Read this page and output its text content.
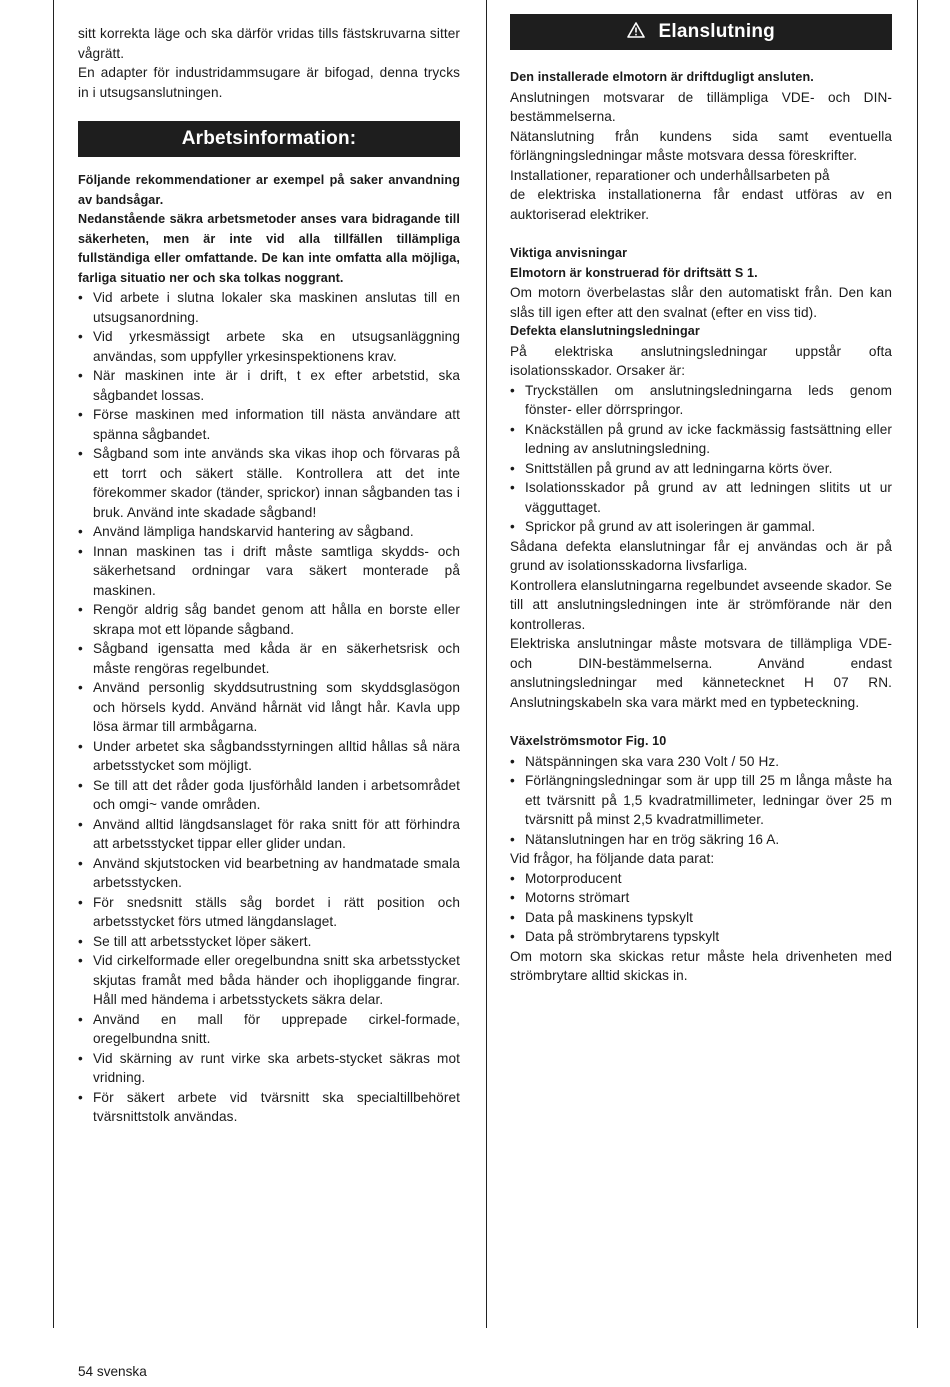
sitt korrekta läge och ska därför vridas tills fästskruvarna sitter vågrätt.

En adapter för industridammsugare är bifogad, denna trycks in i utsugsanslutningen.

Arbetsinformation:

Följande rekommendationer ar exempel på saker anvandning av bandsågar.

Nedanstående säkra arbetsmetoder anses vara bidragande till säkerheten, men är inte vid alla tillfällen tillämpliga fullständiga eller omfattande. De kan inte omfatta alla möjliga, farliga situatio ner och ska tolkas noggrant.

• Vid arbete i slutna lokaler ska maskinen anslutas till en utsugsanordning.
• Vid yrkesmässigt arbete ska en utsugsanläggning användas, som uppfyller yrkesinspektionens krav.
• När maskinen inte är i drift, t ex efter arbetstid, ska sågbandet lossas.
• Förse maskinen med information till nästa användare att spänna sågbandet.
• Sågband som inte används ska vikas ihop och förvaras på ett torrt och säkert ställe. Kontrollera att det inte förekommer skador (tänder, sprickor) innan sågbanden tas i bruk. Använd inte skadade sågband!
• Använd lämpliga handskarvid hantering av sågband.
• Innan maskinen tas i drift måste samtliga skydds- och säkerhetsand ordningar vara säkert monterade på maskinen.
• Rengör aldrig såg bandet genom att hålla en borste eller skrapa mot ett löpande sågband.
• Sågband igensatta med kåda är en säkerhetsrisk och måste rengöras regelbundet.
• Använd personlig skyddsutrustning som skyddsglasögon och hörsels kydd. Använd hårnät vid långt hår. Kavla upp lösa ärmar till armbågarna.
• Under arbetet ska sågbandsstyrningen alltid hållas så nära arbetsstycket som möjligt.
• Se till att det råder goda Ijusförhåld landen i arbetsområdet och omgi~ vande områden.
• Använd alltid längdsanslaget för raka snitt för att förhindra att arbetsstycket tippar eller glider undan.
• Använd skjutstocken vid bearbetning av handmatade smala arbetsstycken.
• För snedsnitt ställs såg bordet i rätt position och arbetsstycket förs utmed längdanslaget.
• Se till att arbetsstycket löper säkert.
• Vid cirkelformade eller oregelbundna snitt ska arbetsstycket skjutas framåt med båda händer och ihopliggande fingrar. Håll med händema i arbetsstyckets säkra delar.
• Använd en mall för upprepade cirkel-formade, oregelbundna snitt.
• Vid skärning av runt virke ska arbets-stycket säkras mot vridning.
• För säkert arbete vid tvärsnitt ska specialtillbehöret tvärsnittstolk användas.
Elanslutning

Den installerade elmotorn är driftdugligt ansluten.

Anslutningen motsvarar de tillämpliga VDE- och DIN-bestämmelserna.

Nätanslutning från kundens sida samt eventuella förlängningsledningar måste motsvara dessa föreskrifter.

Installationer, reparationer och underhållsarbeten på

de elektriska installationerna får endast utföras av en auktoriserad elektriker.

Viktiga anvisningar

Elmotorn är konstruerad för driftsätt S 1.

Om motorn överbelastas slår den automatiskt från. Den kan slås till igen efter att den svalnat (efter en viss tid).

Defekta elanslutningsledningar

På elektriska anslutningsledningar uppstår ofta isolationsskador. Orsaker är:

• Tryckställen om anslutningsledningarna leds genom fönster- eller dörrspringor.
• Knäckställen på grund av icke fackmässig fastsättning eller ledning av anslutningsledning.
• Snittställen på grund av att ledningarna körts över.
• Isolationsskador på grund av att ledningen slitits ut ur vägguttaget.
• Sprickor på grund av att isoleringen är gammal.

Sådana defekta elanslutningar får ej användas och är på grund av isolationsskadorna livsfarliga.

Kontrollera elanslutningarna regelbundet avseende skador. Se till att anslutningsledningen inte är strömförande när den kontrolleras.

Elektriska anslutningar måste motsvara de tillämpliga VDE- och DIN-bestämmelserna. Använd endast anslutningsledningar med kännetecknet H 07 RN. Anslutningskabeln ska vara märkt med en typbeteckning.

Växelströmsmotor Fig. 10

• Nätspänningen ska vara 230 Volt / 50 Hz.
• Förlängningsledningar som är upp till 25 m långa måste ha ett tvärsnitt på 1,5 kvadratmillimeter, ledningar över 25 m tvärsnitt på minst 2,5 kvadratmillimeter.
• Nätanslutningen har en trög säkring 16 A.

Vid frågor, ha följande data parat:

• Motorproducent
• Motorns strömart
• Data på maskinens typskylt
• Data på strömbrytarens typskylt

Om motorn ska skickas retur måste hela drivenheten med strömbrytare alltid skickas in.

54 svenska
